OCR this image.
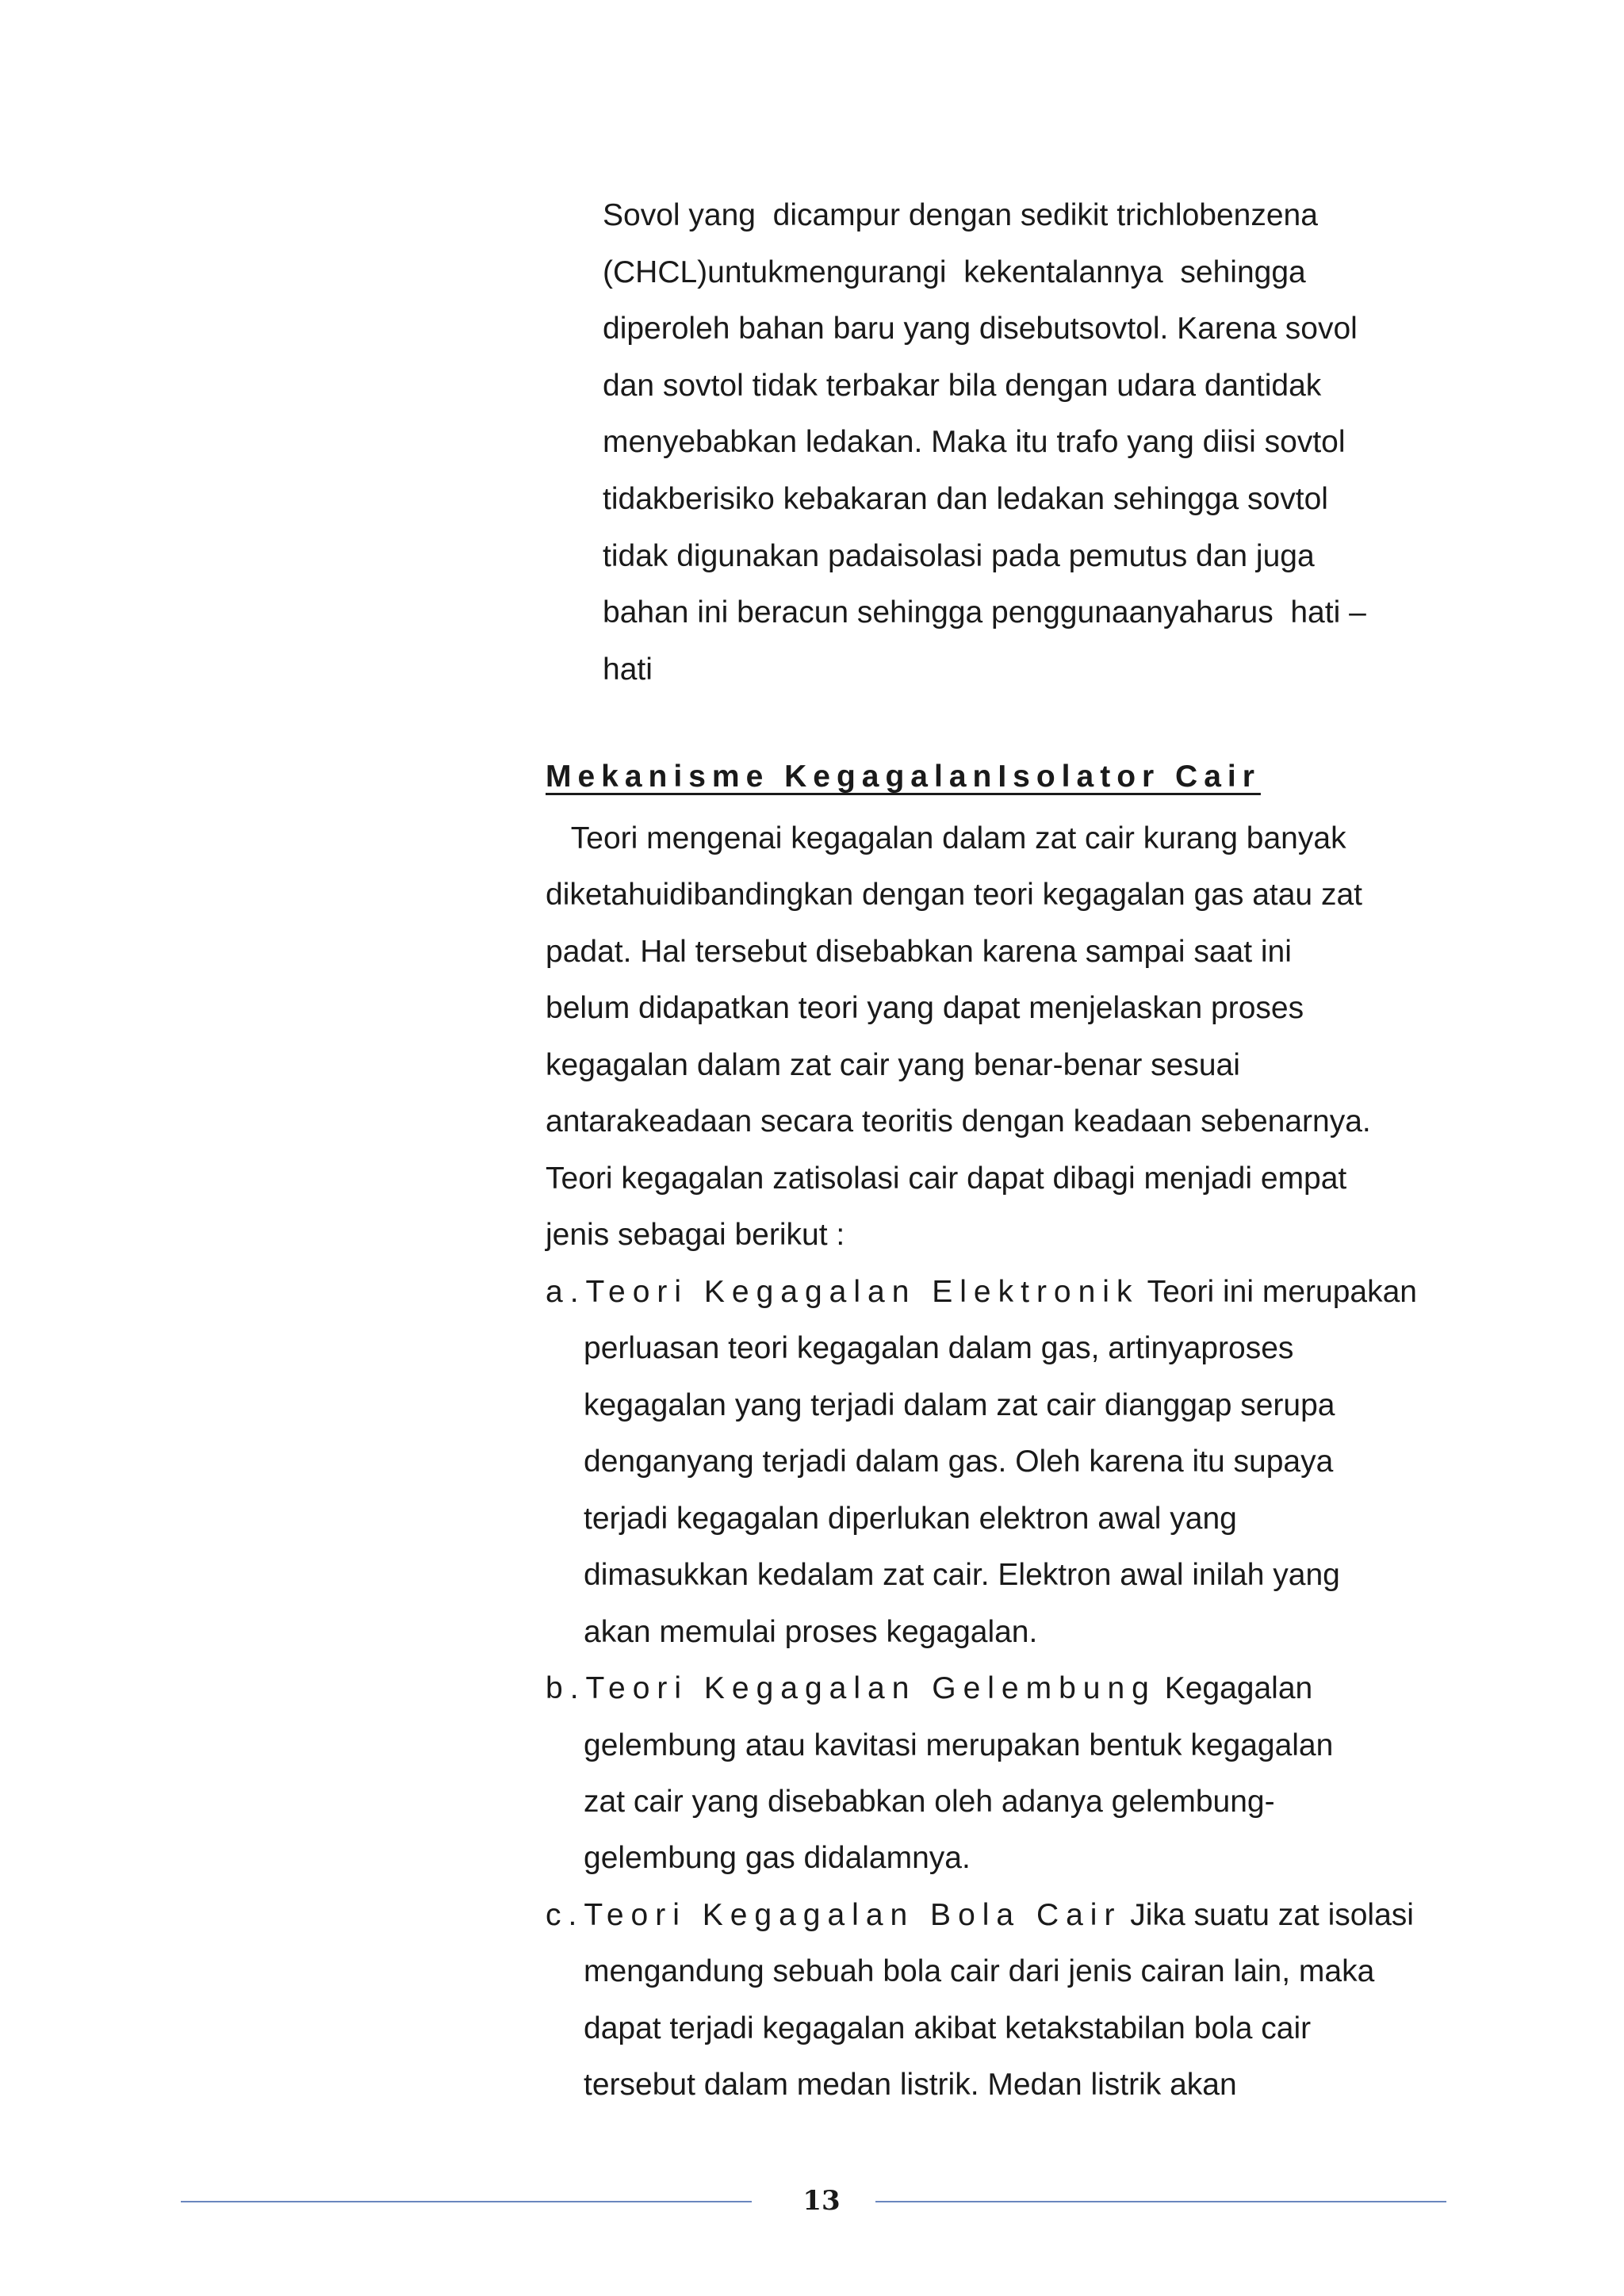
Sovol yang  dicampur dengan sedikit trichlobenzena
(CHCL)untukmengurangi  kekentalannya  sehingga
diperoleh bahan baru yang disebutsovtol. Karena sovol
dan sovtol tidak terbakar bila dengan udara dantidak
menyebabkan ledakan. Maka itu trafo yang diisi sovtol
tidakberisiko kebakaran dan ledakan sehingga sovtol
tidak digunakan padaisolasi pada pemutus dan juga
bahan ini beracun sehingga penggunaanyaharus  hati –
hati
Mekanisme KegagalanIsolator Cair
Teori mengenai kegagalan dalam zat cair kurang banyak
diketahuidibandingkan dengan teori kegagalan gas atau zat
padat. Hal tersebut disebabkan karena sampai saat ini
belum didapatkan teori yang dapat menjelaskan proses
kegagalan dalam zat cair yang benar-benar sesuai
antarakeadaan secara teoritis dengan keadaan sebenarnya.
Teori kegagalan zatisolasi cair dapat dibagi menjadi empat
jenis sebagai berikut :
a.Teori Kegagalan Elektronik Teori ini merupakan
perluasan teori kegagalan dalam gas, artinyaproses
kegagalan yang terjadi dalam zat cair dianggap serupa
denganyang terjadi dalam gas. Oleh karena itu supaya
terjadi kegagalan diperlukan elektron awal yang
dimasukkan kedalam zat cair. Elektron awal inilah yang
akan memulai proses kegagalan.
b.Teori Kegagalan Gelembung Kegagalan
gelembung atau kavitasi merupakan bentuk kegagalan
zat cair yang disebabkan oleh adanya gelembung-
gelembung gas didalamnya.
c.Teori Kegagalan Bola Cair Jika suatu zat isolasi
mengandung sebuah bola cair dari jenis cairan lain, maka
dapat terjadi kegagalan akibat ketakstabilan bola cair
tersebut dalam medan listrik. Medan listrik akan
13
